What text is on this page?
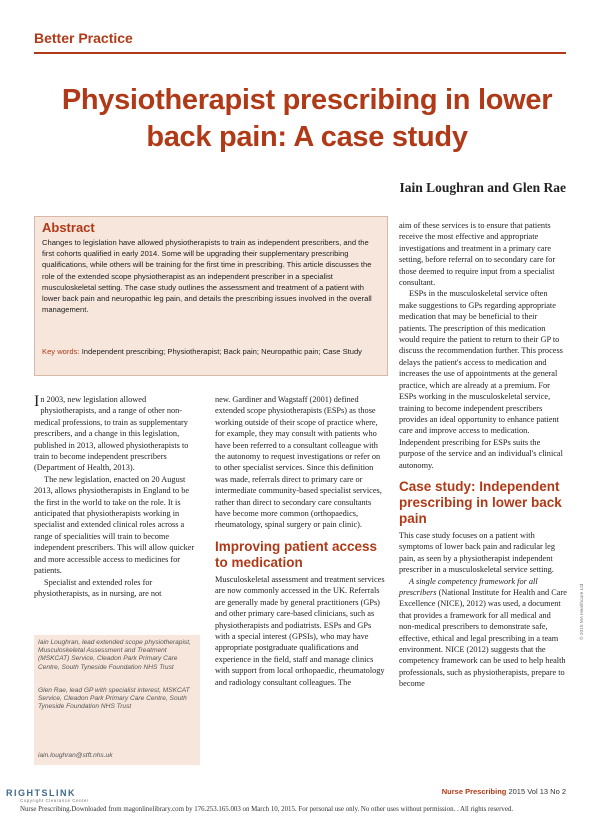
Better Practice
Physiotherapist prescribing in lower back pain: A case study
Iain Loughran and Glen Rae
Abstract
Changes to legislation have allowed physiotherapists to train as independent prescribers, and the first cohorts qualified in early 2014. Some will be upgrading their supplementary prescribing qualifications, while others will be training for the first time in prescribing. This article discusses the role of the extended scope physiotherapist as an independent prescriber in a specialist musculoskeletal setting. The case study outlines the assessment and treatment of a patient with lower back pain and neuropathic leg pain, and details the prescribing issues involved in the overall management.
Key words: Independent prescribing; Physiotherapist; Back pain; Neuropathic pain; Case Study

In 2003, new legislation allowed physiotherapists, and a range of other non-medical professions, to train as supplementary prescribers, and a change in this legislation, published in 2013, allowed physiotherapists to train to become independent prescribers (Department of Health, 2013).

The new legislation, enacted on 20 August 2013, allows physiotherapists in England to be the first in the world to take on the role. It is anticipated that physiotherapists working in specialist and extended clinical roles across a range of specialities will train to become independent prescribers. This will allow quicker and more accessible access to medicines for patients.

Specialist and extended roles for physiotherapists, as in nursing, are not

Iain Loughran, lead extended scope physiotherapist, Musculoskeletal Assessment and Treatment (MSKCAT) Service, Cleadon Park Primary Care Centre, South Tyneside Foundation NHS Trust
Glen Rae, lead GP with specialist interest, MSKCAT Service, Cleadon Park Primary Care Centre, South Tyneside Foundation NHS Trust
iain.loughran@stft.nhs.uk

new. Gardiner and Wagstaff (2001) defined extended scope physiotherapists (ESPs) as those working outside of their scope of practice where, for example, they may consult with patients who have been referred to a consultant colleague with the autonomy to request investigations or refer on to other specialist services. Since this definition was made, referrals direct to primary care or intermediate community-based specialist services, rather than direct to secondary care consultants have become more common (orthopaedics, rheumatology, spinal surgery or pain clinic).

Improving patient access to medication

Musculoskeletal assessment and treatment services are now commonly accessed in the UK. Referrals are generally made by general practitioners (GPs) and other primary care-based clinicians, such as physiotherapists and podiatrists. ESPs and GPs with a special interest (GPSIs), who may have appropriate postgraduate qualifications and experience in the field, staff and manage clinics with support from local orthopaedic, rheumatology and radiology consultant colleagues. The

aim of these services is to ensure that patients receive the most effective and appropriate investigations and treatment in a primary care setting, before referral on to secondary care for those deemed to require input from a specialist consultant.

ESPs in the musculoskeletal service often make suggestions to GPs regarding appropriate medication that may be beneficial to their patients. The prescription of this medication would require the patient to return to their GP to discuss the recommendation further. This process delays the patient's access to medication and increases the use of appointments at the general practice, which are already at a premium. For ESPs working in the musculoskeletal service, training to become independent prescribers provides an ideal opportunity to enhance patient care and improve access to medication. Independent prescribing for ESPs suits the purpose of the service and an individual's clinical autonomy.

Case study: Independent prescribing in lower back pain

This case study focuses on a patient with symptoms of lower back pain and radicular leg pain, as seen by a physiotherapist independent prescriber in a musculoskeletal service setting.

A single competency framework for all prescribers (National Institute for Health and Care Excellence (NICE), 2012) was used, a document that provides a framework for all medical and non-medical prescribers to demonstrate safe, effective, ethical and legal prescribing in a team environment. NICE (2012) suggests that the competency framework can be used to help health professionals, such as physiotherapists, prepare to become

© 2015 MA Healthcare Ltd
RIGHTSLINK
Copyright Clearance Center
Nurse Prescribing 2015 Vol 13 No 2
Nurse Prescribing.Downloaded from magonlinelibrary.com by 176.253.165.003 on March 10, 2015. For personal use only. No other uses without permission. . All rights reserved.
